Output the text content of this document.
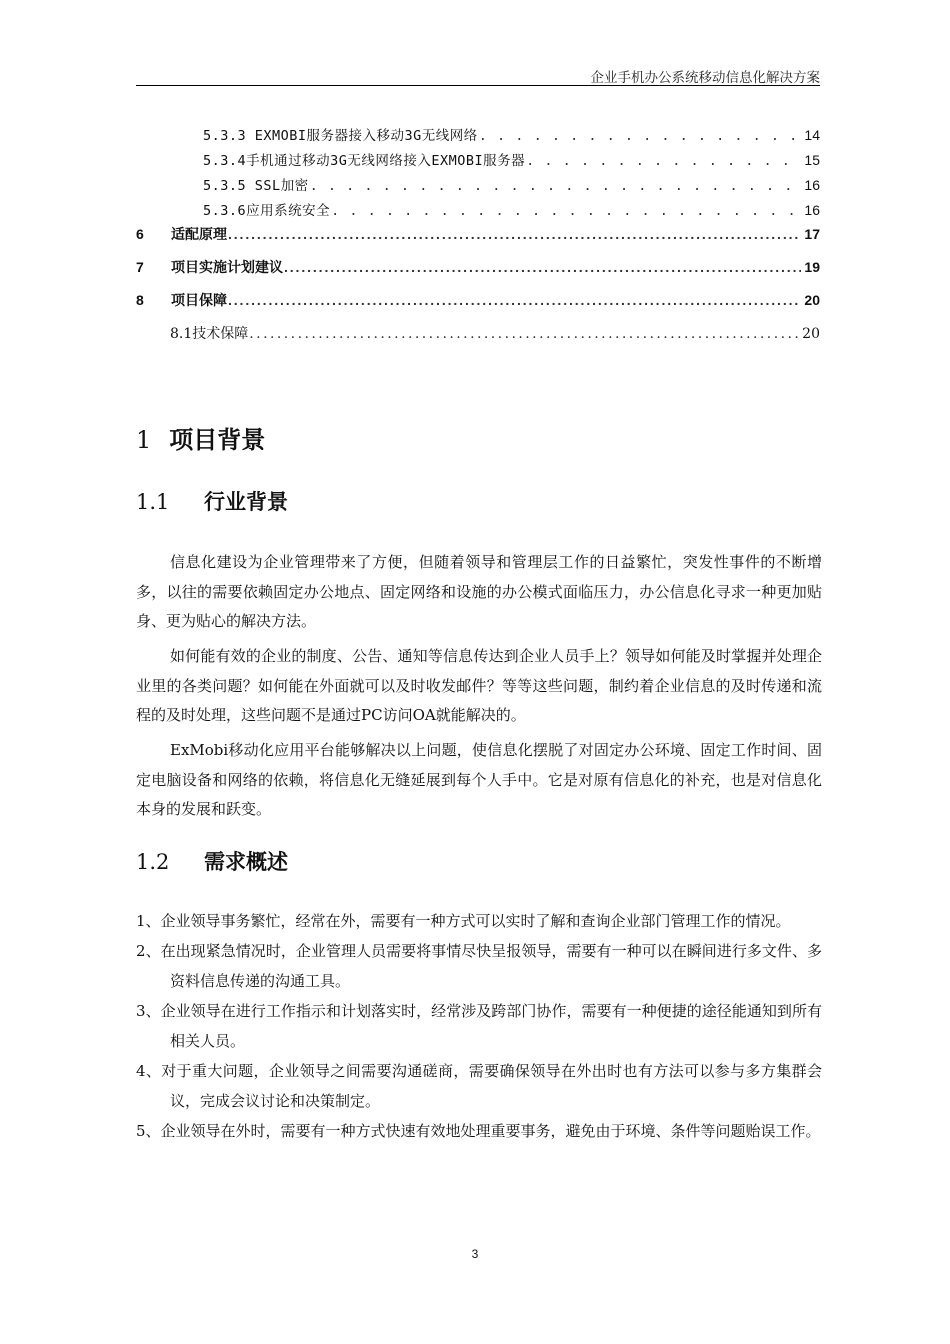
企业手机办公系统移动信息化解决方案
5.3.3 EXMOBI服务器接入移动3G无线网络 . . .	14
5.3.4手机通过移动3G无线网络接入EXMOBI服务器 . . .	15
5.3.5 SSL加密 . . .	16
5.3.6应用系统安全 . . .	16
6	适配原理 . . .	17
7	项目实施计划建议 . . .	19
8	项目保障 . . .	20
8.1技术保障 . . .	20
1 项目背景
1.1 行业背景

信息化建设为企业管理带来了方便，但随着领导和管理层工作的日益繁忙，突发性事件的不断增多，以往的需要依赖固定办公地点、固定网络和设施的办公模式面临压力，办公信息化寻求一种更加贴身、更为贴心的解决方法。

如何能有效的企业的制度、公告、通知等信息传达到企业人员手上？领导如何能及时掌握并处理企业里的各类问题？如何能在外面就可以及时收发邮件？等等这些问题，制约着企业信息的及时传递和流程的及时处理，这些问题不是通过PC访问OA就能解决的。

ExMobi移动化应用平台能够解决以上问题，使信息化摆脱了对固定办公环境、固定工作时间、固定电脑设备和网络的依赖，将信息化无缝延展到每个人手中。它是对原有信息化的补充，也是对信息化本身的发展和跃变。

1.2 需求概述
1、企业领导事务繁忙，经常在外，需要有一种方式可以实时了解和查询企业部门管理工作的情况。
2、在出现紧急情况时，企业管理人员需要将事情尽快呈报领导，需要有一种可以在瞬间进行多文件、多资料信息传递的沟通工具。
3、企业领导在进行工作指示和计划落实时，经常涉及跨部门协作，需要有一种便捷的途径能通知到所有相关人员。
4、对于重大问题，企业领导之间需要沟通磋商，需要确保领导在外出时也有方法可以参与多方集群会议，完成会议讨论和决策制定。
5、企业领导在外时，需要有一种方式快速有效地处理重要事务，避免由于环境、条件等问题贻误工作。
3
